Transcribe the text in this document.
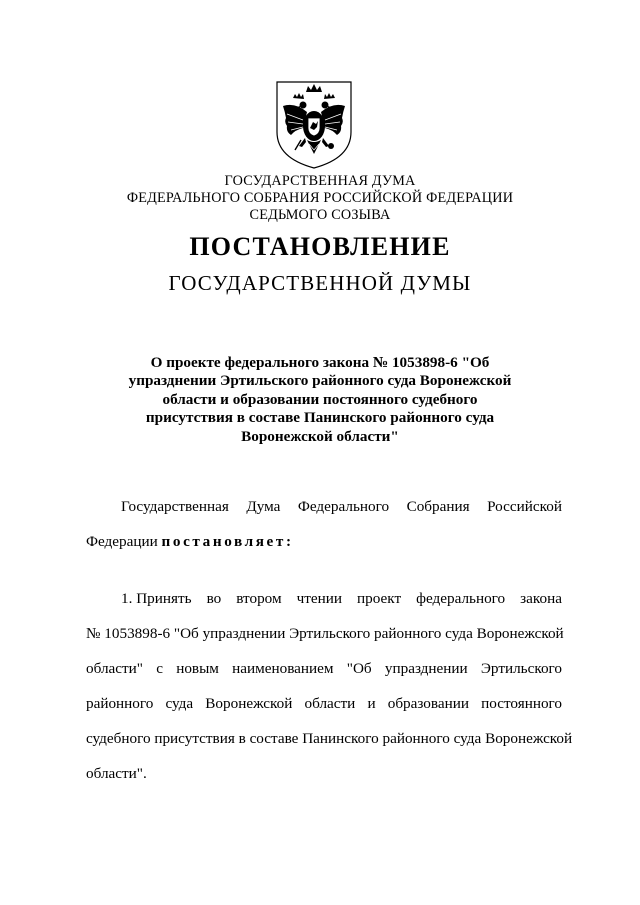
ГОСУДАРСТВЕННАЯ ДУМА
ФЕДЕРАЛЬНОГО СОБРАНИЯ РОССИЙСКОЙ ФЕДЕРАЦИИ
СЕДЬМОГО СОЗЫВА
ПОСТАНОВЛЕНИЕ
ГОСУДАРСТВЕННОЙ ДУМЫ
О проекте федерального закона № 1053898-6 "Об
упразднении Эртильского районного суда Воронежской
области и образовании постоянного судебного
присутствия в составе Панинского районного суда
Воронежской области"
Государственная Дума Федерального Собрания Российской
Федерации постановляет:
1. Принять во втором чтении проект федерального закона
№ 1053898-6 "Об упразднении Эртильского районного суда Воронежской
области" с новым наименованием "Об упразднении Эртильского
районного суда Воронежской области и образовании постоянного
судебного присутствия в составе Панинского районного суда Воронежской
области".
